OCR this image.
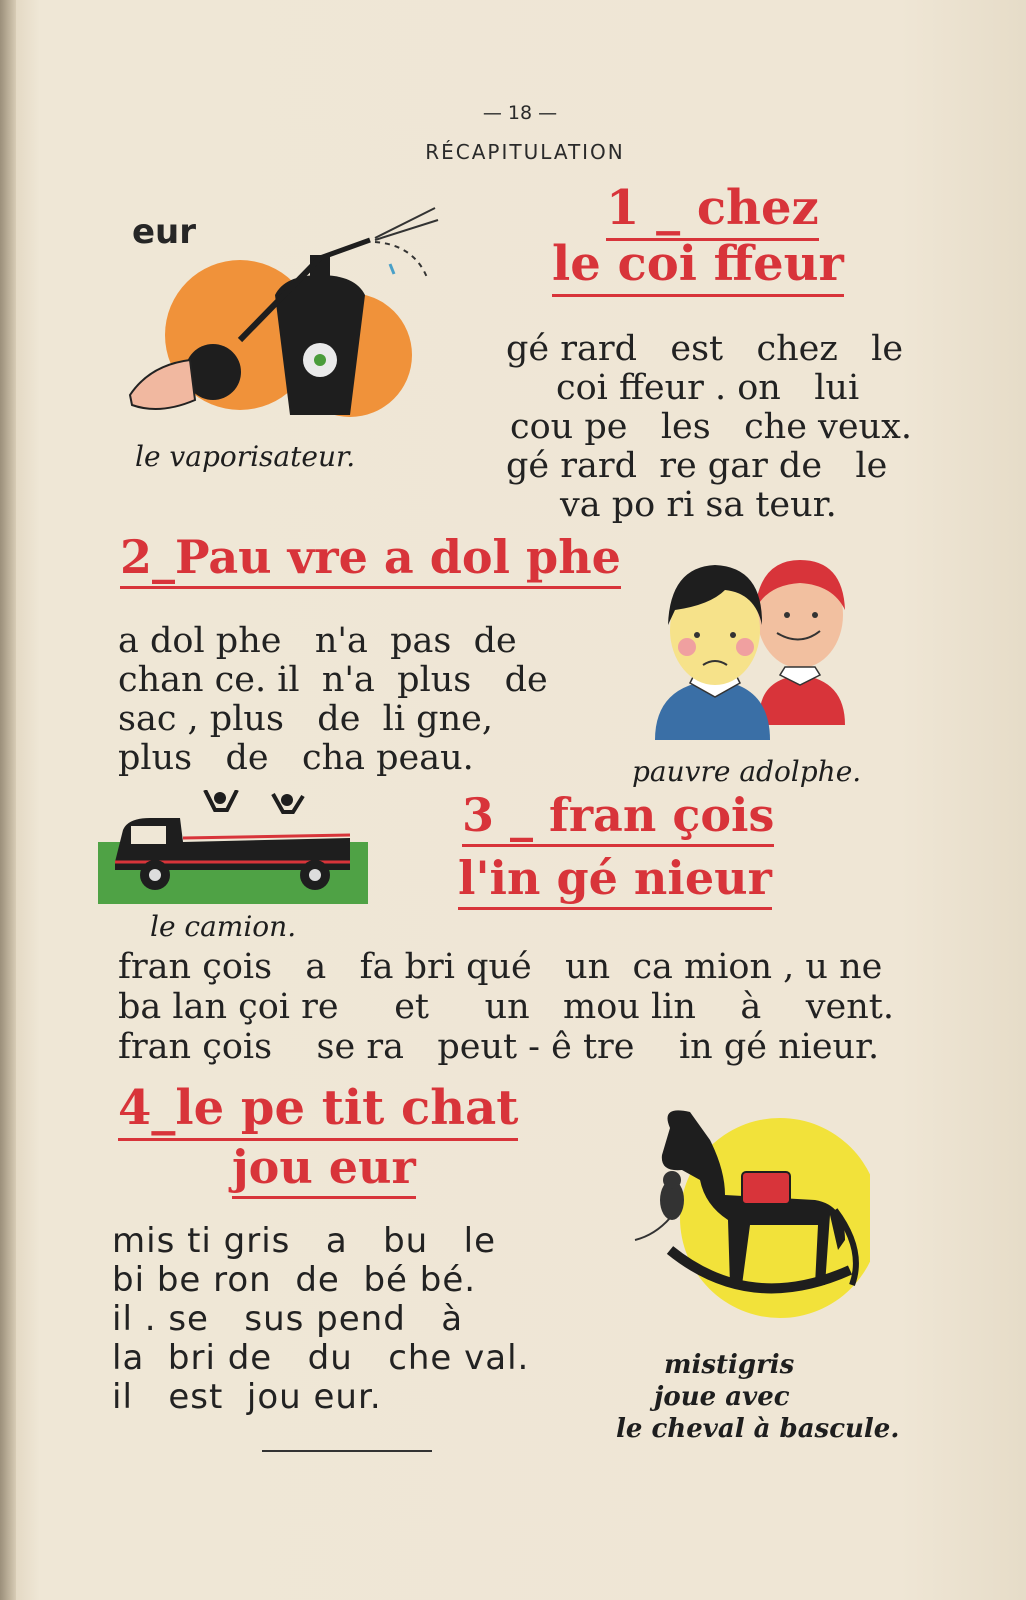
— 18 —
RÉCAPITULATION
eur
le vaporisateur.
1 _ chez
le coi ffeur
gé rard   est   chez   le
coi ffeur . on   lui
cou pe   les   che veux.
gé rard  re gar de   le
va po ri sa teur.
2_Pau vre a dol phe
a dol phe   n'a  pas  de
chan ce. il  n'a  plus   de
sac , plus   de  li gne,
plus   de   cha peau.	pauvre adolphe.
le camion.
3 _ fran çois
l'in gé nieur
fran çois   a   fa bri qué   un  ca mion , u ne
ba lan çoi re     et     un   mou lin    à    vent.
fran çois    se ra   peut - ê tre    in gé nieur.
4_le pe tit chat
jou eur
mis ti gris   a   bu   le
bi be ron  de  bé bé.
il . se   sus pend   à
la  bri de   du   che val.
il   est  jou eur.
mistigris
joue avec
le cheval à bascule.
